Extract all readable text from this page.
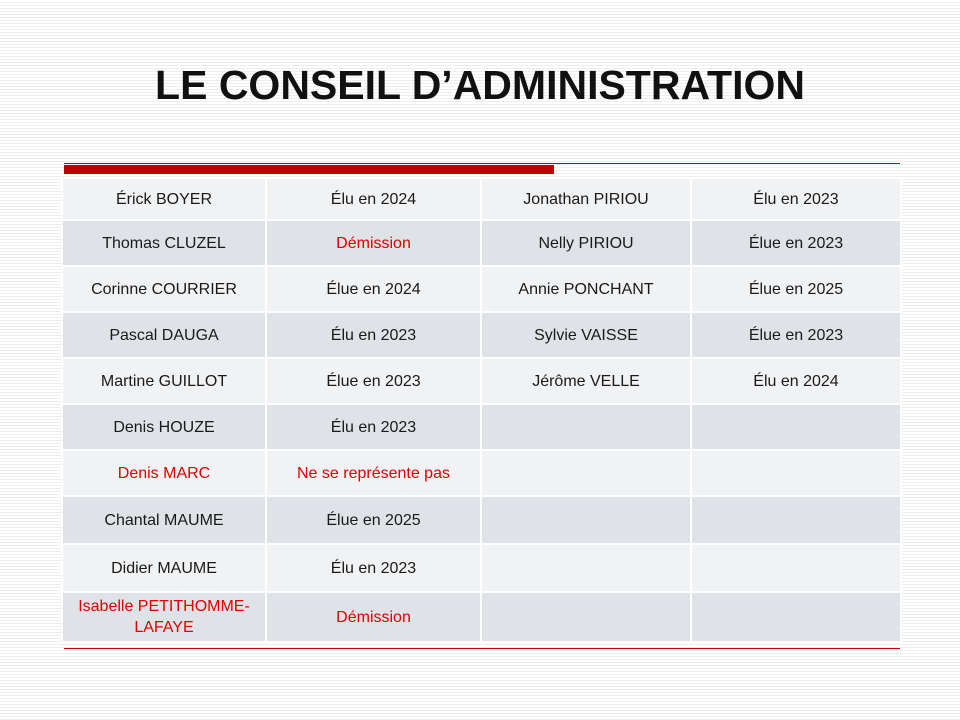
LE CONSEIL D’ADMINISTRATION
Érick BOYER	Élu en 2024	Jonathan PIRIOU	Élu en 2023
Thomas CLUZEL	Démission	Nelly PIRIOU	Élue en 2023
Corinne COURRIER	Élue en 2024	Annie PONCHANT	Élue en 2025
Pascal DAUGA	Élu en 2023	Sylvie VAISSE	Élue en 2023
Martine GUILLOT	Élue en 2023	Jérôme VELLE	Élu en 2024
Denis HOUZE	Élu en 2023		
Denis MARC	Ne se représente pas		
Chantal MAUME	Élue en 2025		
Didier MAUME	Élu en 2023		
Isabelle PETITHOMME-LAFAYE	Démission		
